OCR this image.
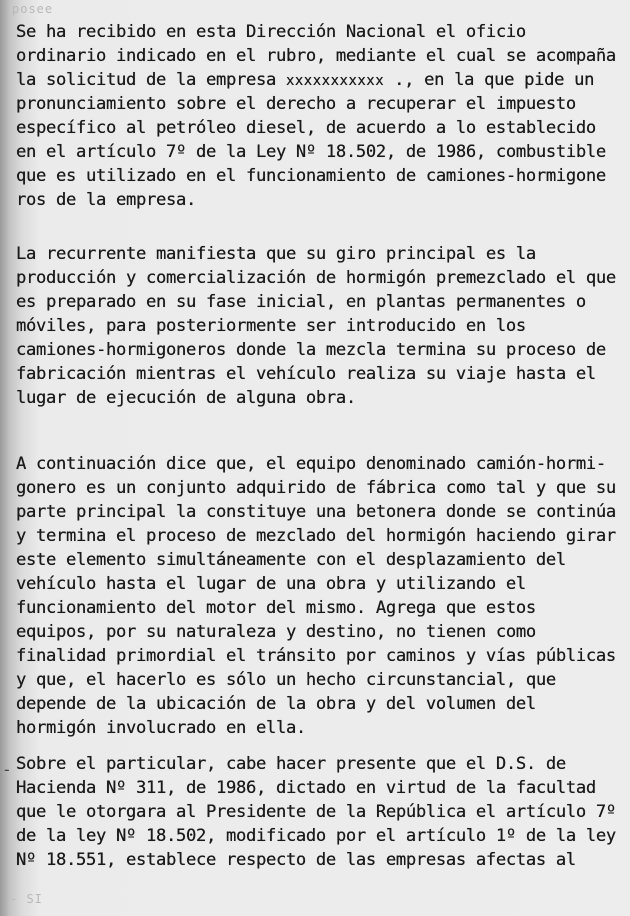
posee
- SI
Se ha recibido en esta Dirección Nacional el oficio
ordinario indicado en el rubro, mediante el cual se acompaña
la solicitud de la empresa xxxxxxxxxxx ., en la que pide un
pronunciamiento sobre el derecho a recuperar el impuesto
específico al petróleo diesel, de acuerdo a lo establecido
en el artículo 7º de la Ley Nº 18.502, de 1986, combustible
que es utilizado en el funcionamiento de camiones-hormigone
ros de la empresa.
La recurrente manifiesta que su giro principal es la
producción y comercialización de hormigón premezclado el que
es preparado en su fase inicial, en plantas permanentes o
móviles, para posteriormente ser introducido en los
camiones-hormigoneros donde la mezcla termina su proceso de
fabricación mientras el vehículo realiza su viaje hasta el
lugar de ejecución de alguna obra.
A continuación dice que, el equipo denominado camión-hormi-
gonero es un conjunto adquirido de fábrica como tal y que su
parte principal la constituye una betonera donde se continúa
y termina el proceso de mezclado del hormigón haciendo girar
este elemento simultáneamente con el desplazamiento del
vehículo hasta el lugar de una obra y utilizando el
funcionamiento del motor del mismo. Agrega que estos
equipos, por su naturaleza y destino, no tienen como
finalidad primordial el tránsito por caminos y vías públicas
y que, el hacerlo es sólo un hecho circunstancial, que
depende de la ubicación de la obra y del volumen del
hormigón involucrado en ella.
- Sobre el particular, cabe hacer presente que el D.S. de
Hacienda Nº 311, de 1986, dictado en virtud de la facultad
que le otorgara al Presidente de la República el artículo 7º
de la ley Nº 18.502, modificado por el artículo 1º de la ley
Nº 18.551, establece respecto de las empresas afectas al
